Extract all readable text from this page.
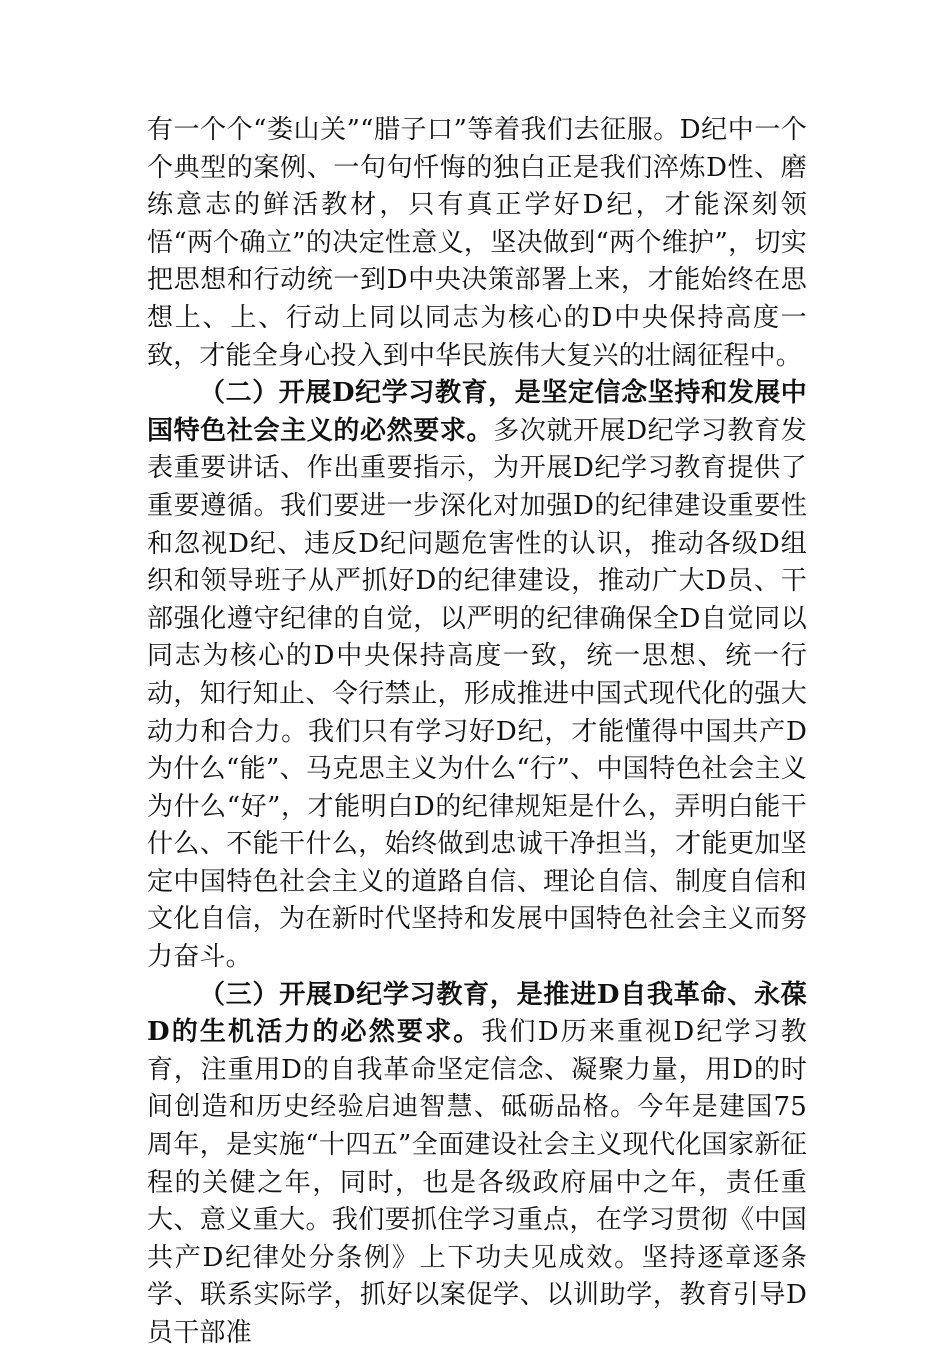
有一个个“娄山关”“腊子口”等着我们去征服。D纪中一个个典型的案例、一句句忏悔的独白正是我们淬炼D性、磨练意志的鲜活教材，只有真正学好D纪，才能深刻领悟“两个确立”的决定性意义，坚决做到“两个维护”，切实把思想和行动统一到D中央决策部署上来，才能始终在思想上、上、行动上同以同志为核心的D中央保持高度一致，才能全身心投入到中华民族伟大复兴的壮阔征程中。

（二）开展D纪学习教育，是坚定信念坚持和发展中国特色社会主义的必然要求。多次就开展D纪学习教育发表重要讲话、作出重要指示，为开展D纪学习教育提供了重要遵循。我们要进一步深化对加强D的纪律建设重要性和忽视D纪、违反D纪问题危害性的认识，推动各级D组织和领导班子从严抓好D的纪律建设，推动广大D员、干部强化遵守纪律的自觉，以严明的纪律确保全D自觉同以同志为核心的D中央保持高度一致，统一思想、统一行动，知行知止、令行禁止，形成推进中国式现代化的强大动力和合力。我们只有学习好D纪，才能懂得中国共产D为什么“能”、马克思主义为什么“行”、中国特色社会主义为什么“好”，才能明白D的纪律规矩是什么，弄明白能干什么、不能干什么，始终做到忠诚干净担当，才能更加坚定中国特色社会主义的道路自信、理论自信、制度自信和文化自信，为在新时代坚持和发展中国特色社会主义而努力奋斗。

（三）开展D纪学习教育，是推进D自我革命、永葆D的生机活力的必然要求。我们D历来重视D纪学习教育，注重用D的自我革命坚定信念、凝聚力量，用D的时间创造和历史经验启迪智慧、砥砺品格。今年是建国75周年，是实施“十四五”全面建设社会主义现代化国家新征程的关健之年，同时，也是各级政府届中之年，责任重大、意义重大。我们要抓住学习重点，在学习贯彻《中国共产D纪律处分条例》上下功夫见成效。坚持逐章逐条学、联系实际学，抓好以案促学、以训助学，教育引导D员干部准
